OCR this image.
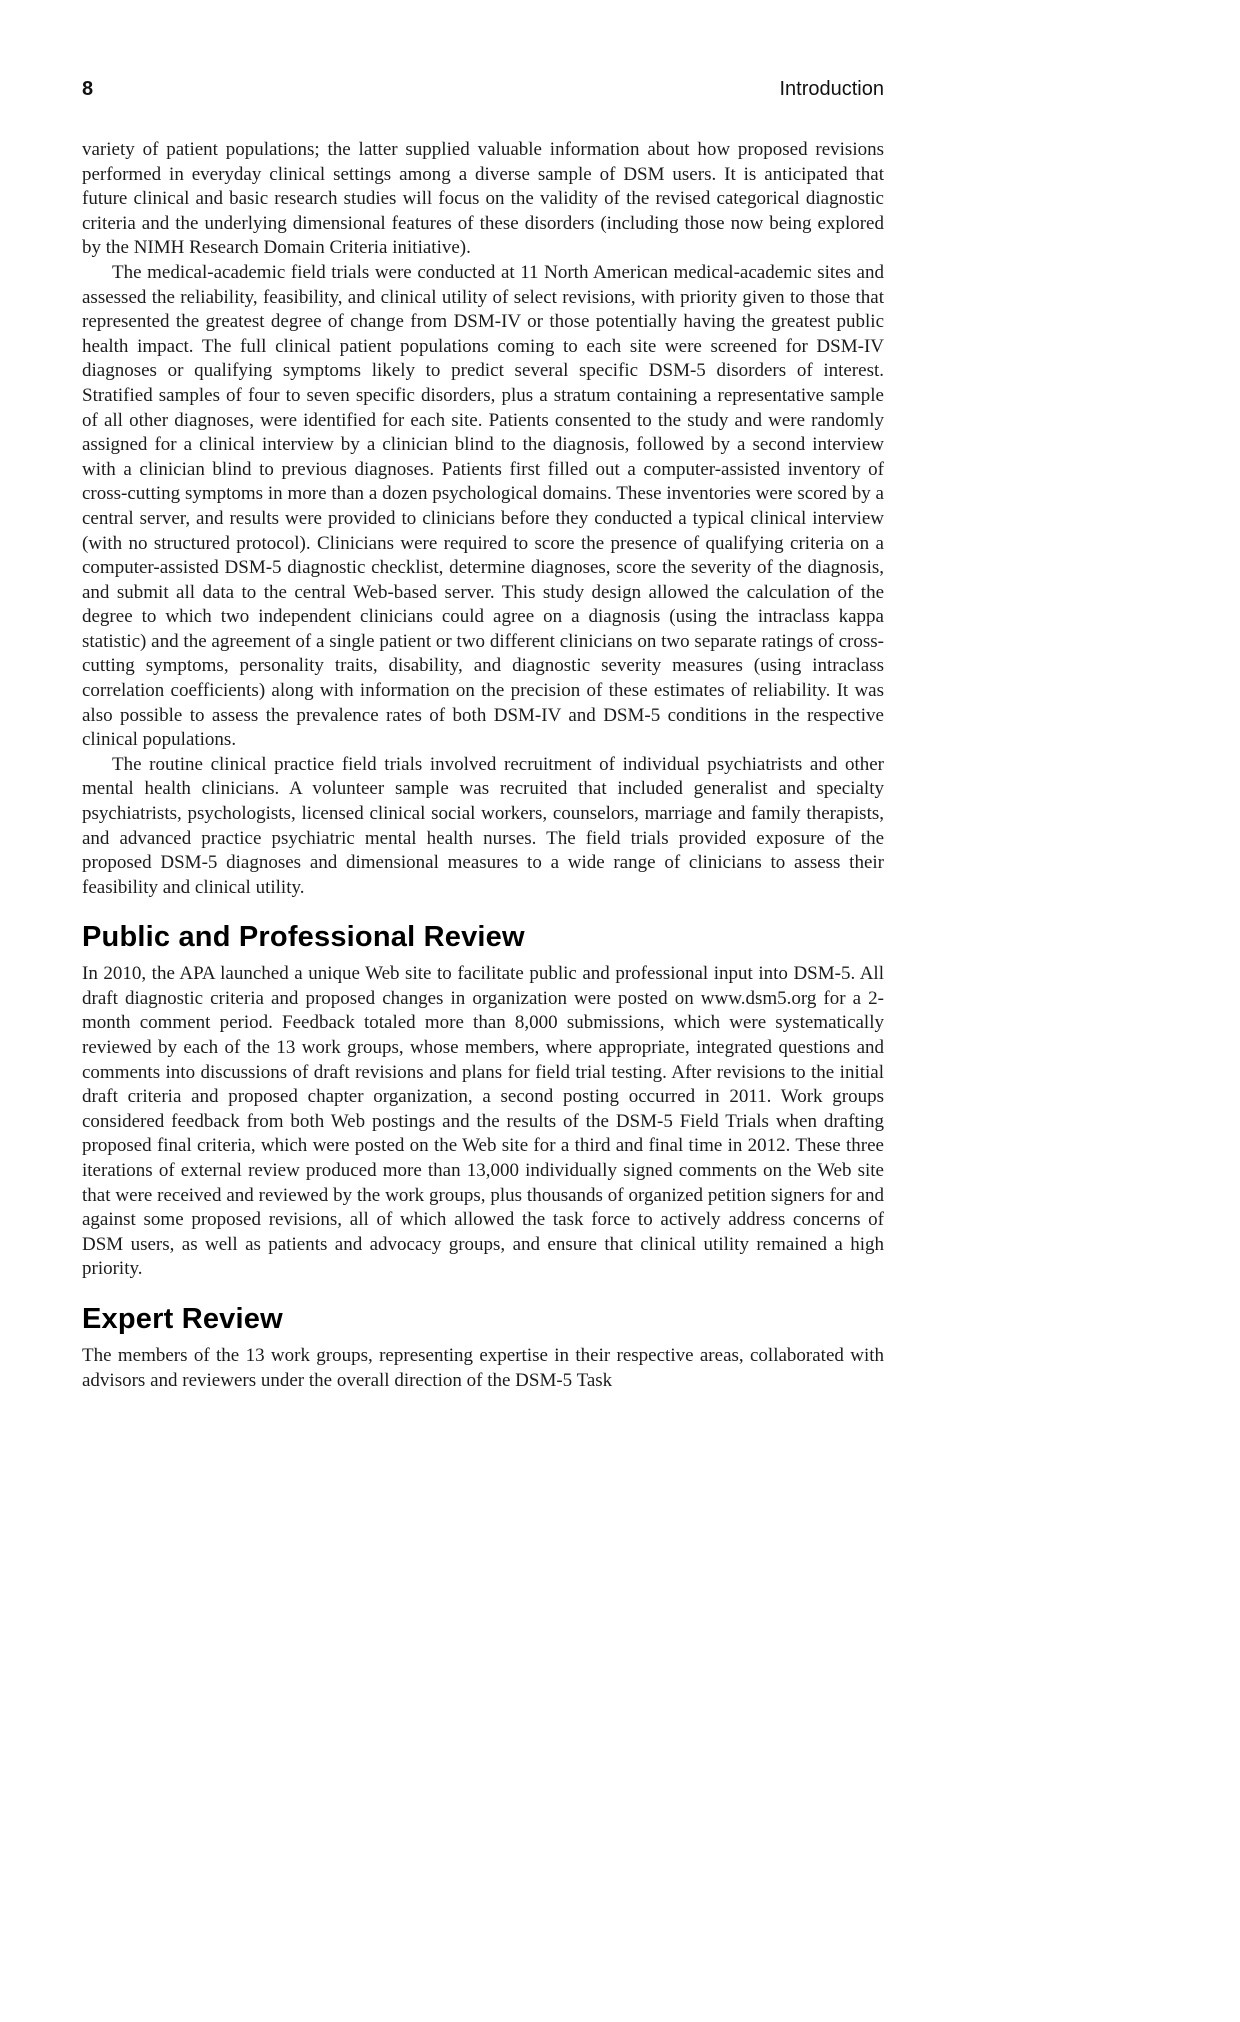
8	Introduction

variety of patient populations; the latter supplied valuable information about how proposed revisions performed in everyday clinical settings among a diverse sample of DSM users. It is anticipated that future clinical and basic research studies will focus on the validity of the revised categorical diagnostic criteria and the underlying dimensional features of these disorders (including those now being explored by the NIMH Research Domain Criteria initiative).

The medical-academic field trials were conducted at 11 North American medical-academic sites and assessed the reliability, feasibility, and clinical utility of select revisions, with priority given to those that represented the greatest degree of change from DSM-IV or those potentially having the greatest public health impact. The full clinical patient populations coming to each site were screened for DSM-IV diagnoses or qualifying symptoms likely to predict several specific DSM-5 disorders of interest. Stratified samples of four to seven specific disorders, plus a stratum containing a representative sample of all other diagnoses, were identified for each site. Patients consented to the study and were randomly assigned for a clinical interview by a clinician blind to the diagnosis, followed by a second interview with a clinician blind to previous diagnoses. Patients first filled out a computer-assisted inventory of cross-cutting symptoms in more than a dozen psychological domains. These inventories were scored by a central server, and results were provided to clinicians before they conducted a typical clinical interview (with no structured protocol). Clinicians were required to score the presence of qualifying criteria on a computer-assisted DSM-5 diagnostic checklist, determine diagnoses, score the severity of the diagnosis, and submit all data to the central Web-based server. This study design allowed the calculation of the degree to which two independent clinicians could agree on a diagnosis (using the intraclass kappa statistic) and the agreement of a single patient or two different clinicians on two separate ratings of cross-cutting symptoms, personality traits, disability, and diagnostic severity measures (using intraclass correlation coefficients) along with information on the precision of these estimates of reliability. It was also possible to assess the prevalence rates of both DSM-IV and DSM-5 conditions in the respective clinical populations.

The routine clinical practice field trials involved recruitment of individual psychiatrists and other mental health clinicians. A volunteer sample was recruited that included generalist and specialty psychiatrists, psychologists, licensed clinical social workers, counselors, marriage and family therapists, and advanced practice psychiatric mental health nurses. The field trials provided exposure of the proposed DSM-5 diagnoses and dimensional measures to a wide range of clinicians to assess their feasibility and clinical utility.

Public and Professional Review

In 2010, the APA launched a unique Web site to facilitate public and professional input into DSM-5. All draft diagnostic criteria and proposed changes in organization were posted on www.dsm5.org for a 2-month comment period. Feedback totaled more than 8,000 submissions, which were systematically reviewed by each of the 13 work groups, whose members, where appropriate, integrated questions and comments into discussions of draft revisions and plans for field trial testing. After revisions to the initial draft criteria and proposed chapter organization, a second posting occurred in 2011. Work groups considered feedback from both Web postings and the results of the DSM-5 Field Trials when drafting proposed final criteria, which were posted on the Web site for a third and final time in 2012. These three iterations of external review produced more than 13,000 individually signed comments on the Web site that were received and reviewed by the work groups, plus thousands of organized petition signers for and against some proposed revisions, all of which allowed the task force to actively address concerns of DSM users, as well as patients and advocacy groups, and ensure that clinical utility remained a high priority.

Expert Review

The members of the 13 work groups, representing expertise in their respective areas, collaborated with advisors and reviewers under the overall direction of the DSM-5 Task
